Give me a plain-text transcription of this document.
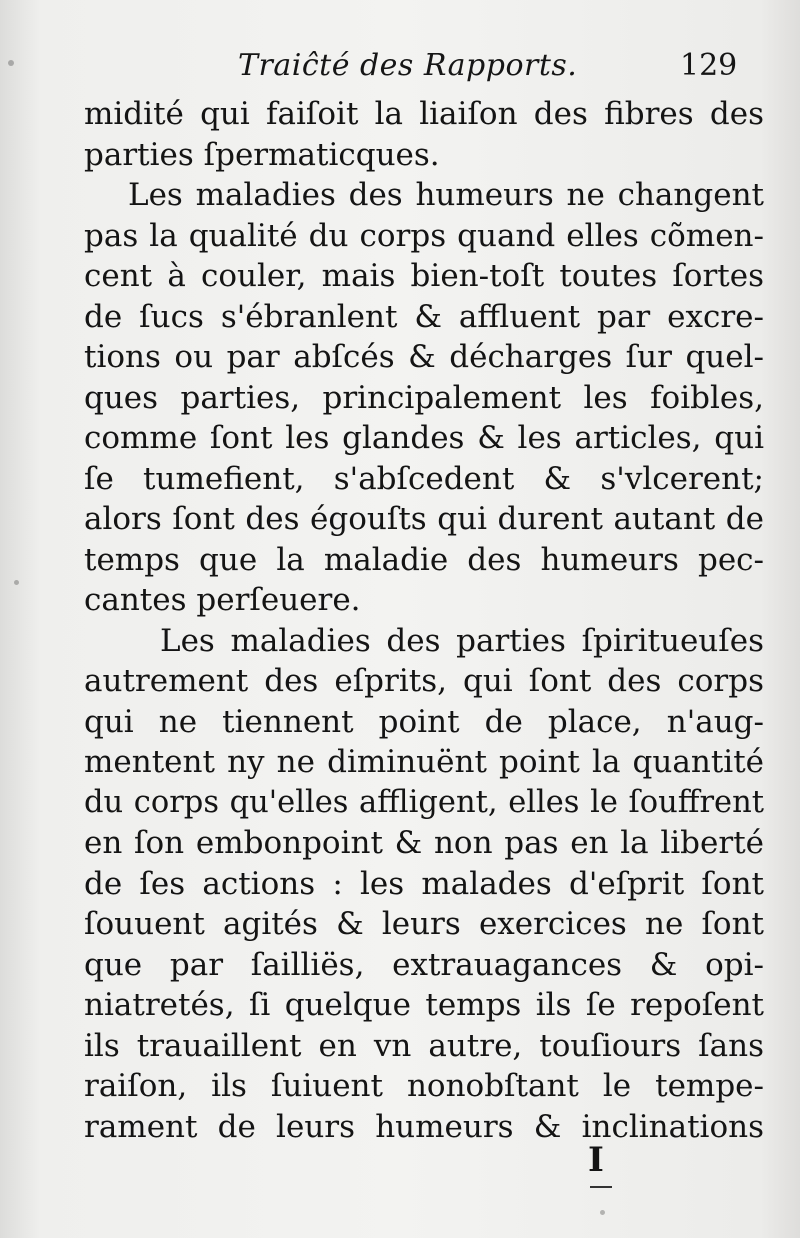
Traiĉté des Rapports.	129
midité qui faiſoit la liaiſon des fibres des
parties ſpermaticques.
Les maladies des humeurs ne changent
pas la qualité du corps quand elles cõmen-
cent à couler, mais bien-toſt toutes ſortes
de ſucs s'ébranlent & affluent par excre-
tions ou par abſcés & décharges ſur quel-
ques parties, principalement les foibles,
comme ſont les glandes & les articles, qui
ſe tumefient, s'abſcedent & s'vlcerent;
alors ſont des égouſts qui durent autant de
temps que la maladie des humeurs pec-
cantes perſeuere.
Les maladies des parties ſpiritueuſes
autrement des eſprits, qui ſont des corps
qui ne tiennent point de place, n'aug-
mentent ny ne diminuënt point la quantité
du corps qu'elles affligent, elles le ſouffrent
en ſon embonpoint & non pas en la liberté
de ſes actions : les malades d'eſprit ſont
ſouuent agités & leurs exercices ne ſont
que par ſailliës, extrauagances & opi-
niatretés, ſi quelque temps ils ſe repoſent
ils trauaillent en vn autre, touſiours ſans
raiſon, ils ſuiuent nonobſtant le tempe-
rament de leurs humeurs & inclinations
I
